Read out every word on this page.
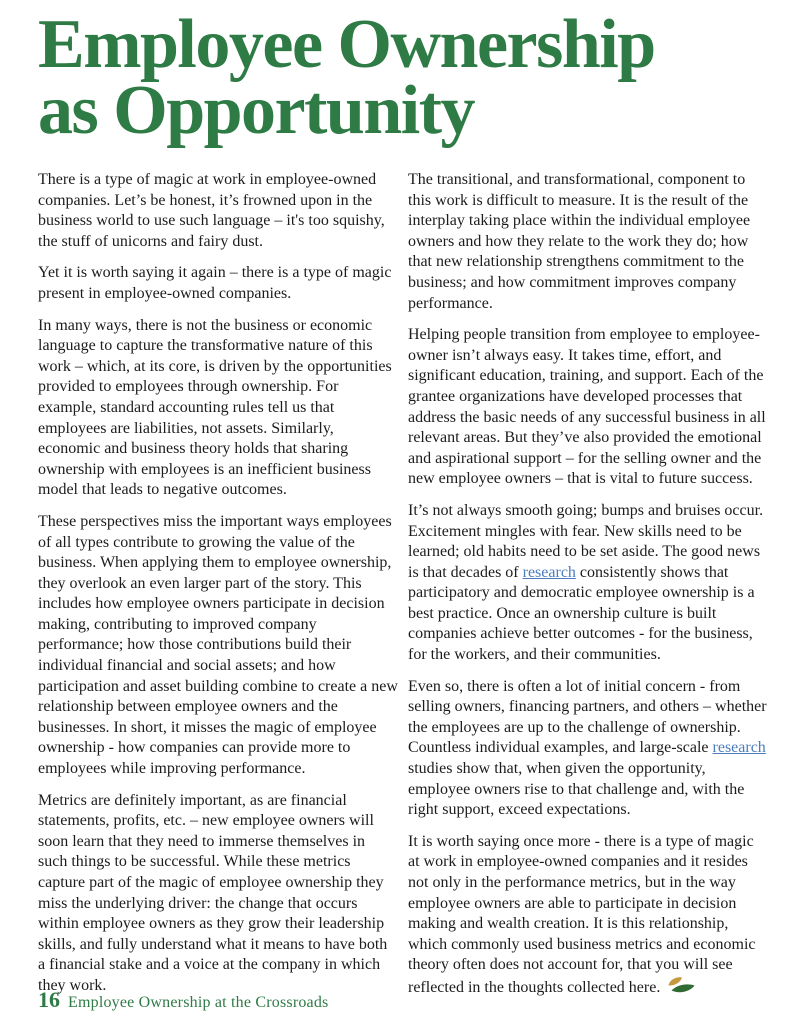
Employee Ownership
as Opportunity

There is a type of magic at work in employee-owned companies. Let’s be honest, it’s frowned upon in the business world to use such language – it's too squishy, the stuff of unicorns and fairy dust.

Yet it is worth saying it again – there is a type of magic present in employee-owned companies.

In many ways, there is not the business or economic language to capture the transformative nature of this work – which, at its core, is driven by the opportunities provided to employees through ownership. For example, standard accounting rules tell us that employees are liabilities, not assets. Similarly, economic and business theory holds that sharing ownership with employees is an inefficient business model that leads to negative outcomes.

These perspectives miss the important ways employees of all types contribute to growing the value of the business. When applying them to employee ownership, they overlook an even larger part of the story. This includes how employee owners participate in decision making, contributing to improved company performance; how those contributions build their individual financial and social assets; and how participation and asset building combine to create a new relationship between employee owners and the businesses. In short, it misses the magic of employee ownership - how companies can provide more to employees while improving performance.

Metrics are definitely important, as are financial statements, profits, etc. – new employee owners will soon learn that they need to immerse themselves in such things to be successful. While these metrics capture part of the magic of employee ownership they miss the underlying driver: the change that occurs within employee owners as they grow their leadership skills, and fully understand what it means to have both a financial stake and a voice at the company in which they work.

The transitional, and transformational, component to this work is difficult to measure. It is the result of the interplay taking place within the individual employee owners and how they relate to the work they do; how that new relationship strengthens commitment to the business; and how commitment improves company performance.

Helping people transition from employee to employee-owner isn’t always easy. It takes time, effort, and significant education, training, and support. Each of the grantee organizations have developed processes that address the basic needs of any successful business in all relevant areas. But they’ve also provided the emotional and aspirational support – for the selling owner and the new employee owners – that is vital to future success.

It’s not always smooth going; bumps and bruises occur. Excitement mingles with fear. New skills need to be learned; old habits need to be set aside. The good news is that decades of research consistently shows that participatory and democratic employee ownership is a best practice. Once an ownership culture is built companies achieve better outcomes - for the business, for the workers, and their communities.

Even so, there is often a lot of initial concern - from selling owners, financing partners, and others – whether the employees are up to the challenge of ownership. Countless individual examples, and large-scale research studies show that, when given the opportunity, employee owners rise to that challenge and, with the right support, exceed expectations.

It is worth saying once more - there is a type of magic at work in employee-owned companies and it resides not only in the performance metrics, but in the way employee owners are able to participate in decision making and wealth creation. It is this relationship, which commonly used business metrics and economic theory often does not account for, that you will see reflected in the thoughts collected here.

16 Employee Ownership at the Crossroads
